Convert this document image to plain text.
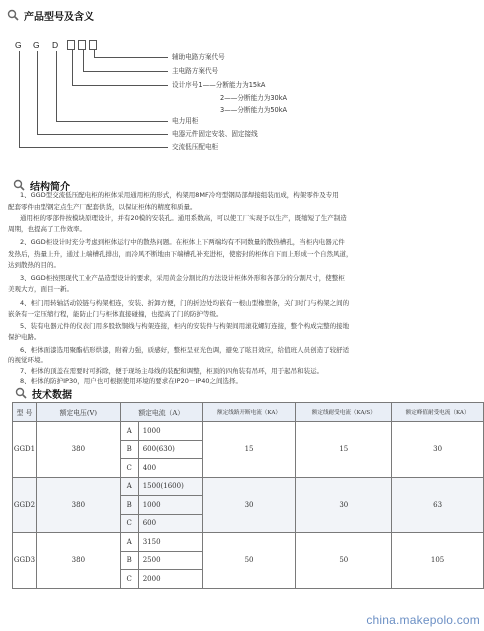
产品型号及含义
G G D
辅助电路方案代号
主电路方案代号
设计序号1——分断能力为15kA
2——分断能力为30kA
3——分断能力为50kA
电力用柜
电器元件固定安装、固定接线
交流低压配电柜
结构简介
1、GGD型交流低压配电柜的柜体采用通用柜的形式，构架用8MF冷弯型钢局部焊接组装而成，构架零件及专用
配套零件由型钢定点生产厂配套供货，以保证柜体的精度和质量。
通用柜的零部件按模块原理设计，并有20模的安装孔。通用系数高，可以使工厂实现予以生产，既缩短了生产制造
周期，也提高了工作效率。
2、GGD柜设计时充分考虑到柜体运行中的散热问题。在柜体上下两端均有不同数量的散热槽孔，当柜内电器元件
发热后，热量上升，通过上端槽孔排出，而冷风不断地由下端槽孔补充进柜，使密封的柜体自下而上形成一个自然风道，
达到散热的目的。
3、GGD柜按照现代工业产品造型设计的要求，采用黄金分割比的方法设计柜体外形和各部分的分割尺寸，使整柜
美观大方，面目一新。
4、柜门用转轴活动铰链与构架相连，安装、折卸方便，门的折边处均嵌有一根山型橡塑条，关门时门与构架之间的
嵌条有一定压缩行程，能防止门与柜体直接碰撞，也提高了门的防护等级。
5、装有电器元件的仪表门用多股软铜线与构架连接，柜内的安装件与构架间用滚花螺钉连接，整个构成完整的接地
保护电路。
6、柜体面漆选用聚酯桔形烘漆，附着力强，质感好，整柜呈亚光色调，避免了眩目效应，给值班人员创造了较舒适
的视觉环境。
7、柜体的顶盖在需要时可拆除，便于现场主母线的装配和调整，柜顶的四角装有吊环，用于起吊和装运。
技术数据
型 号	额定电压(V)	额定电流（A）		额定线路开断电流（KA）	额定线耐受电流（KA/S）	额定峰值耐受电流（KA）
GGD1	380	A	1000	15	15	30
		B	600(630)			
		C	400			
GGD2	380	A	1500(1600)	30	30	63
		B	1000			
		C	600			
GGD3	380	A	3150	50	50	105
		B	2500			
		C	2000			
china.makepolo.com
8、柜体的防护IP30，用户也可根据使用环境的要求在IP20－IP40之间选择。
